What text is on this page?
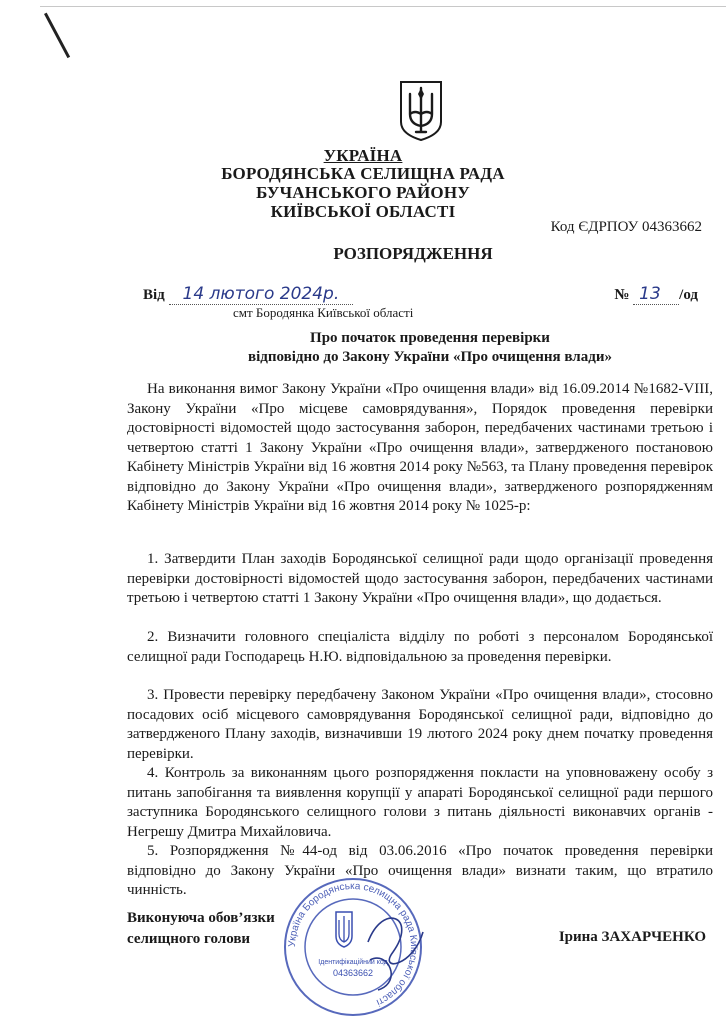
УКРАЇНА
БОРОДЯНСЬКА СЕЛИЩНА РАДА
БУЧАНСЬКОГО РАЙОНУ
КИЇВСЬКОЇ ОБЛАСТІ
Код ЄДРПОУ 04363662
РОЗПОРЯДЖЕННЯ
Від 14 лютого 2024р.	№ 13 /од
смт Бородянка Київської області
Про початок проведення перевірки
відповідно до Закону України «Про очищення влади»

На виконання вимог Закону України «Про очищення влади» від 16.09.2014 №1682-VIII, Закону України «Про місцеве самоврядування», Порядок проведення перевірки достовірності відомостей щодо застосування заборон, передбачених частинами третьою і четвертою статті 1 Закону України «Про очищення влади», затвердженого постановою Кабінету Міністрів України від 16 жовтня 2014 року №563, та Плану проведення перевірок відповідно до Закону України «Про очищення влади», затвердженого розпорядженням Кабінету Міністрів України від 16 жовтня 2014 року № 1025-р:

1. Затвердити План заходів Бородянської селищної ради щодо організації проведення перевірки достовірності відомостей щодо застосування заборон, передбачених частинами третьою і четвертою статті 1 Закону України «Про очищення влади», що додається.

2. Визначити головного спеціаліста відділу по роботі з персоналом Бородянської селищної ради Господарець Н.Ю. відповідальною за проведення перевірки.

3. Провести перевірку передбачену Законом України «Про очищення влади», стосовно посадових осіб місцевого самоврядування Бородянської селищної ради, відповідно до затвердженого Плану заходів, визначивши 19 лютого 2024 року днем початку проведення перевірки.

4. Контроль за виконанням цього розпорядження покласти на уповноважену особу з питань запобігання та виявлення корупції у апараті Бородянської селищної ради першого заступника Бородянського селищного голови з питань діяльності виконавчих органів - Негрешу Дмитра Михайловича.

5. Розпорядження №44-од від 03.06.2016 «Про початок проведення перевірки відповідно до Закону України «Про очищення влади» визнати таким, що втратило чинність.

Виконуюча обов’язки
селищного голови	Україна Бородянська селищна рада Київської області
Ідентифікаційний код
04363662
Ірина ЗАХАРЧЕНКО
